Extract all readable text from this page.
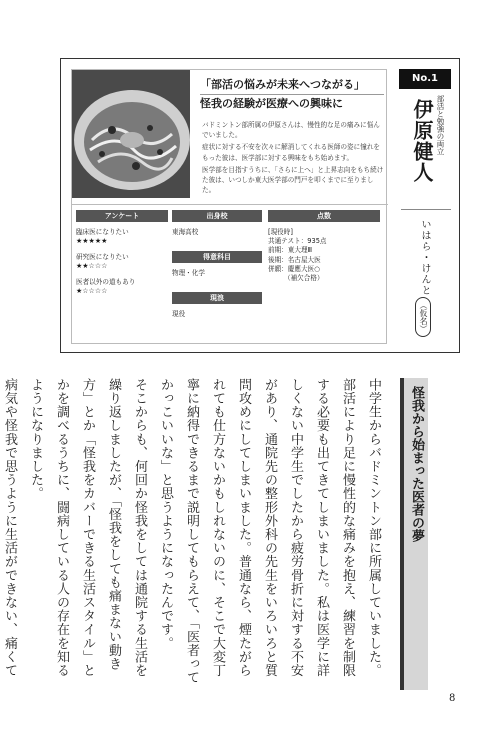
「部活の悩みが未来へつながる」
怪我の経験が医療への興味に

バドミントン部所属の伊原さんは、慢性的な足の痛みに悩んでいました。

症状に対する不安を次々に解消してくれる医師の姿に憧れをもった彼は、医学部に対する興味をもち始めます。

医学部を目指すうちに、「さらに上へ」と上昇志向をもち続けた彼は、いつしか東大医学部の門戸を叩くまでに至りました。

アンケート
臨床医になりたい
★★★★★
研究医になりたい
★★☆☆☆
医者以外の道もあり
★☆☆☆☆
出身校
東海高校
得意科目
物理・化学
現浪
現役
点数
[現役時]
共通テスト：935点
前期：東大理Ⅲ
後期：名古屋大医
併願：慶應大医○
（補欠合格）
No.1
部活と勉強の両立
伊原健人
いはら・けんと
（仮名）
怪我から始まった医者の夢

中学生からバドミントン部に所属していました。部活により足に慢性的な痛みを抱え、練習を制限する必要も出てきてしまいました。私は医学に詳しくない中学生でしたから疲労骨折に対する不安があり、通院先の整形外科の先生をいろいろと質問攻めにしてしまいました。普通なら、煙たがられても仕方ないかもしれないのに、そこで大変丁寧に納得できるまで説明してもらえて、「医者ってかっこいいな」と思うようになったんです。

そこからも、何回か怪我をしては通院する生活を繰り返しましたが、「怪我をしても痛まない動き方」とか「怪我をカバーできる生活スタイル」とかを調べるうちに、闘病している人の存在を知るようになりました。

病気や怪我で思うように生活ができない、痛くて

8
